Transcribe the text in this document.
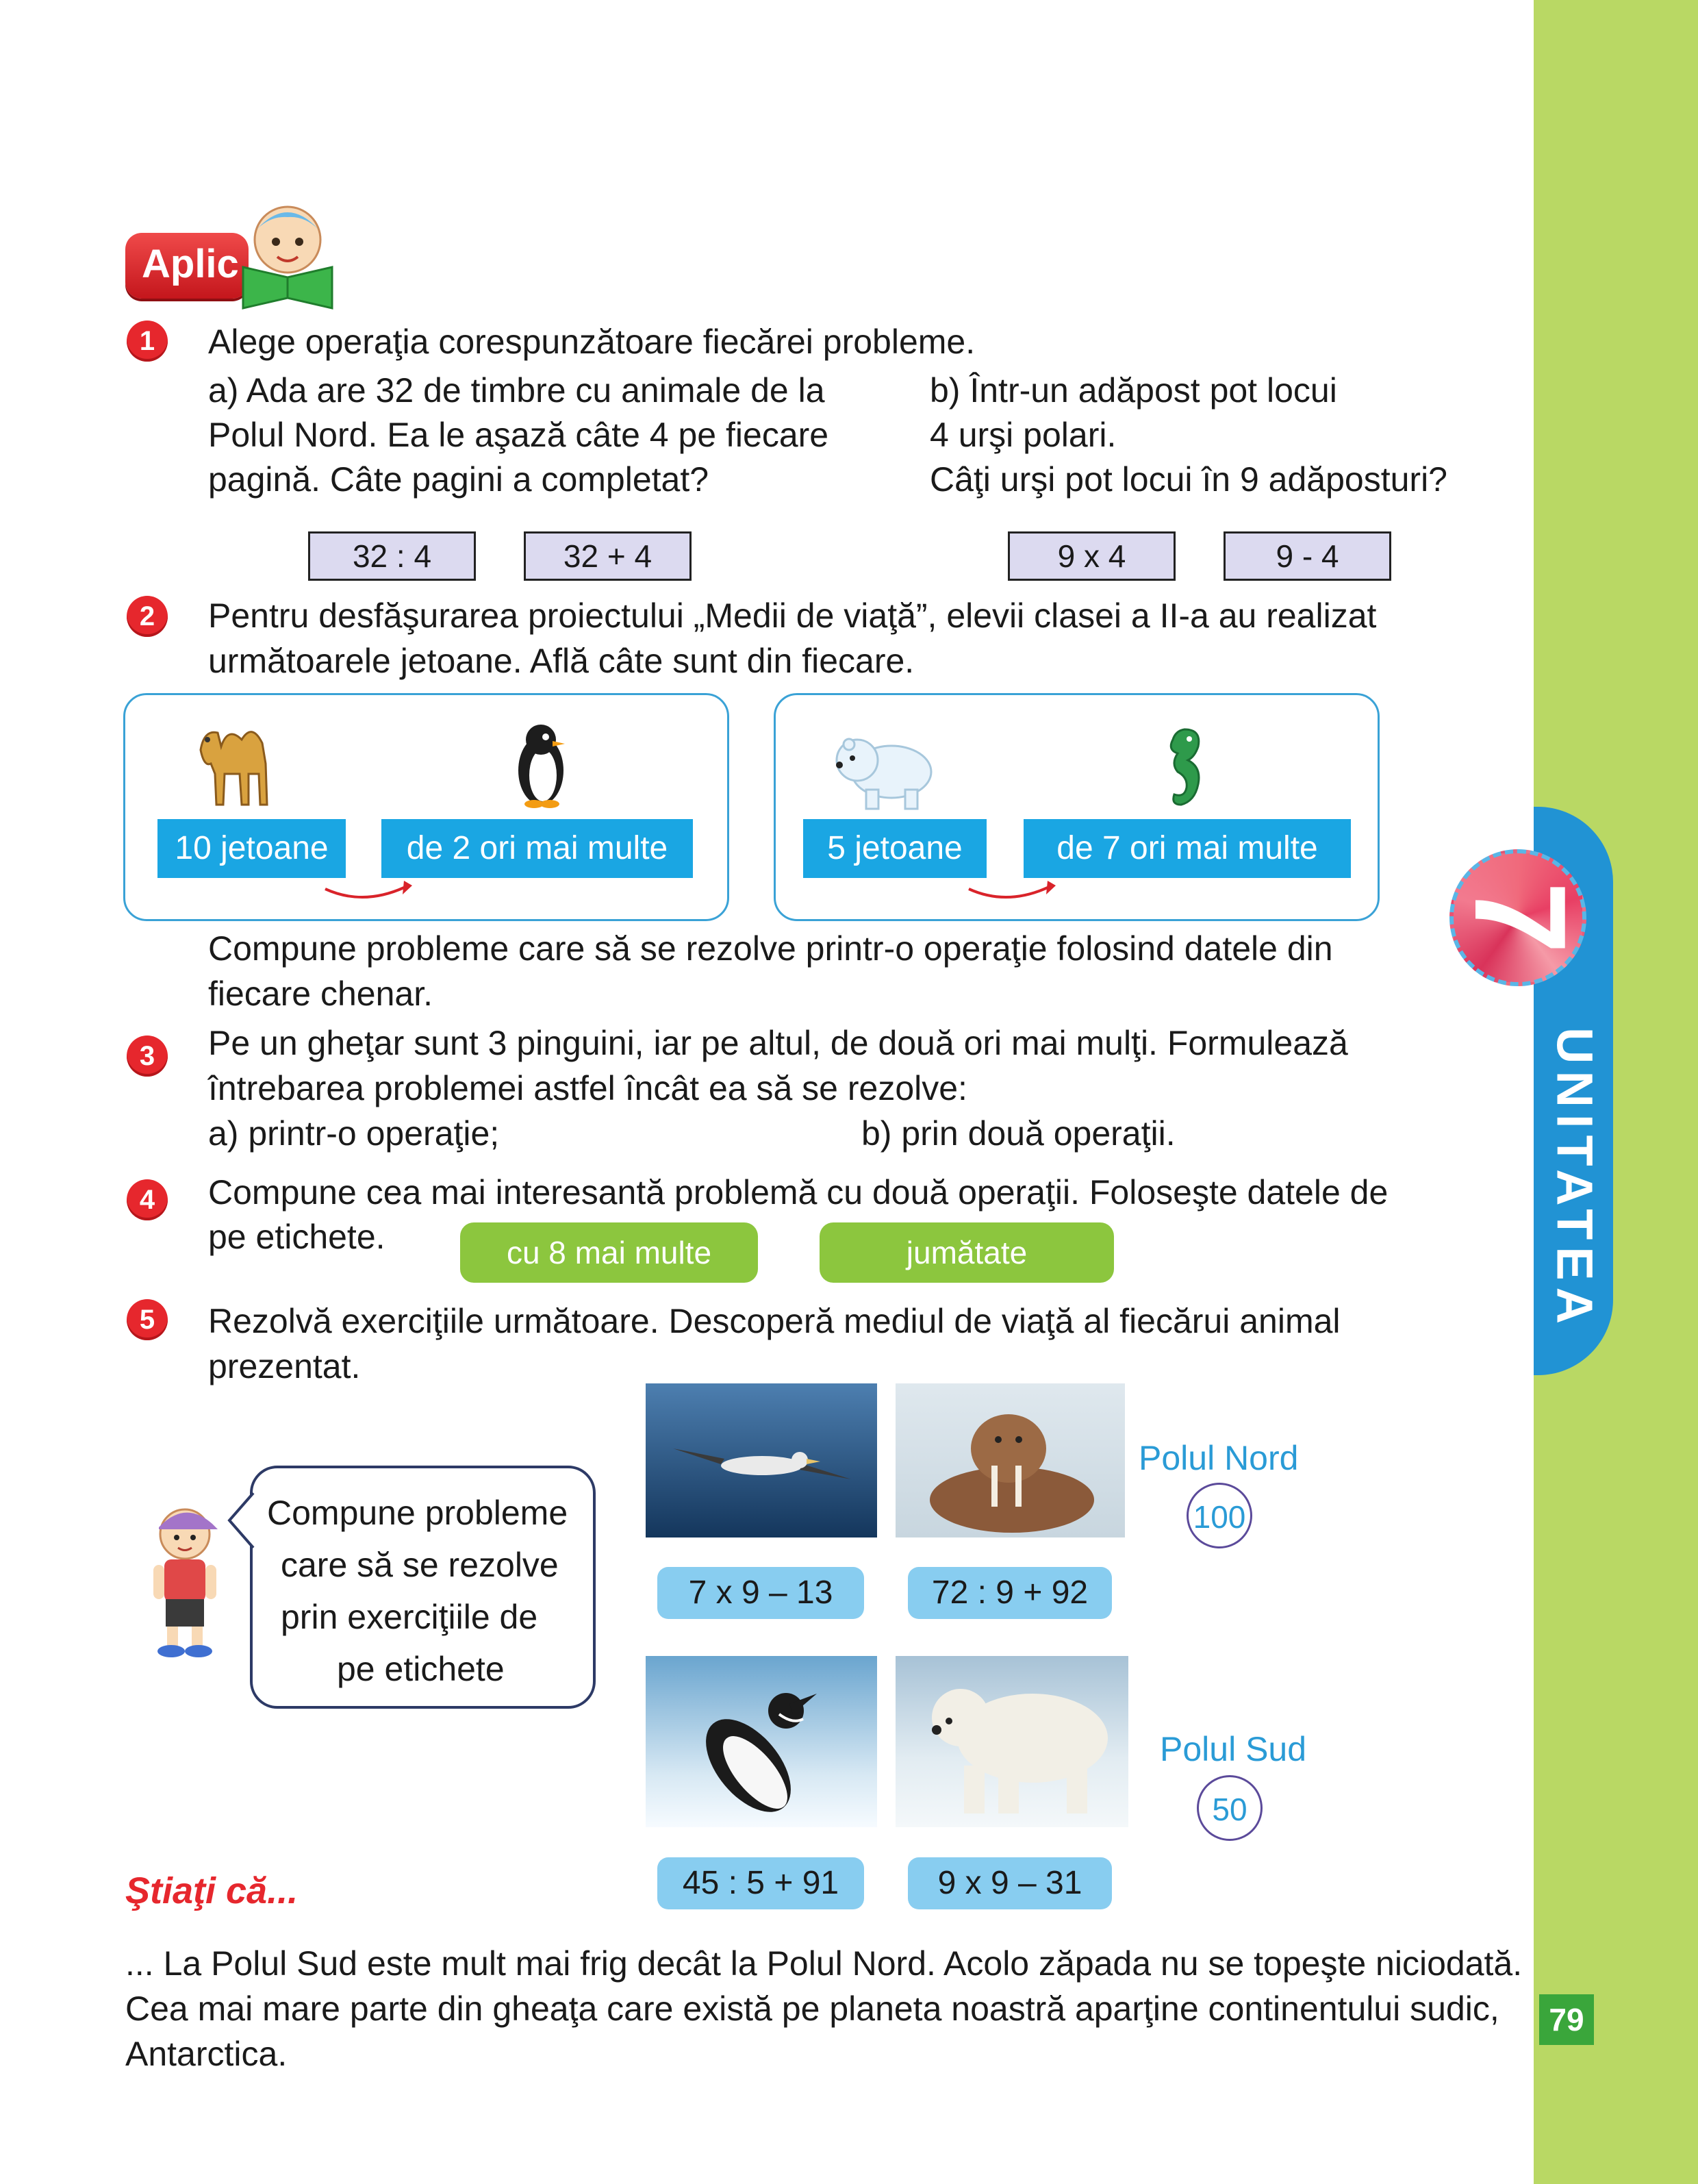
7
UNITATEA
79
Aplic
1	Alege operaţia corespunzătoare fiecărei probleme.
a) Ada are 32 de timbre cu animale de la
Polul Nord. Ea le aşază câte 4 pe fiecare
pagină. Câte pagini a completat?
b) Într-un adăpost pot locui
4 urşi polari.
Câţi urşi pot locui în 9 adăposturi?
32 : 4	32 + 4	9 x 4	9 - 4
2	Pentru desfăşurarea proiectului „Medii de viaţă”, elevii clasei a II-a au realizat
următoarele jetoane. Află câte sunt din fiecare.
10 jetoane	de 2 ori mai multe	5 jetoane	de 7 ori mai multe
Compune probleme care să se rezolve printr-o operaţie folosind datele din
fiecare chenar.
3	Pe un gheţar sunt 3 pinguini, iar pe altul, de două ori mai mulţi. Formulează
întrebarea problemei astfel încât ea să se rezolve:
a) printr-o operaţie;	b) prin două operaţii.
4	Compune cea mai interesantă problemă cu două operaţii. Foloseşte datele de
pe etichete.	cu 8 mai multe	jumătate
5	Rezolvă exerciţiile următoare. Descoperă mediul de viaţă al fiecărui animal
prezentat.
Compune probleme
care să se rezolve
prin exerciţiile de
pe etichete
7 x 9 – 13	72 : 9 + 92
45 : 5 + 91	9 x 9 – 31
Polul Nord
100
Polul Sud
50
Ştiaţi că...
... La Polul Sud este mult mai frig decât la Polul Nord. Acolo zăpada nu se topeşte niciodată.
Cea mai mare parte din gheaţa care există pe planeta noastră aparţine continentului sudic,
Antarctica.
